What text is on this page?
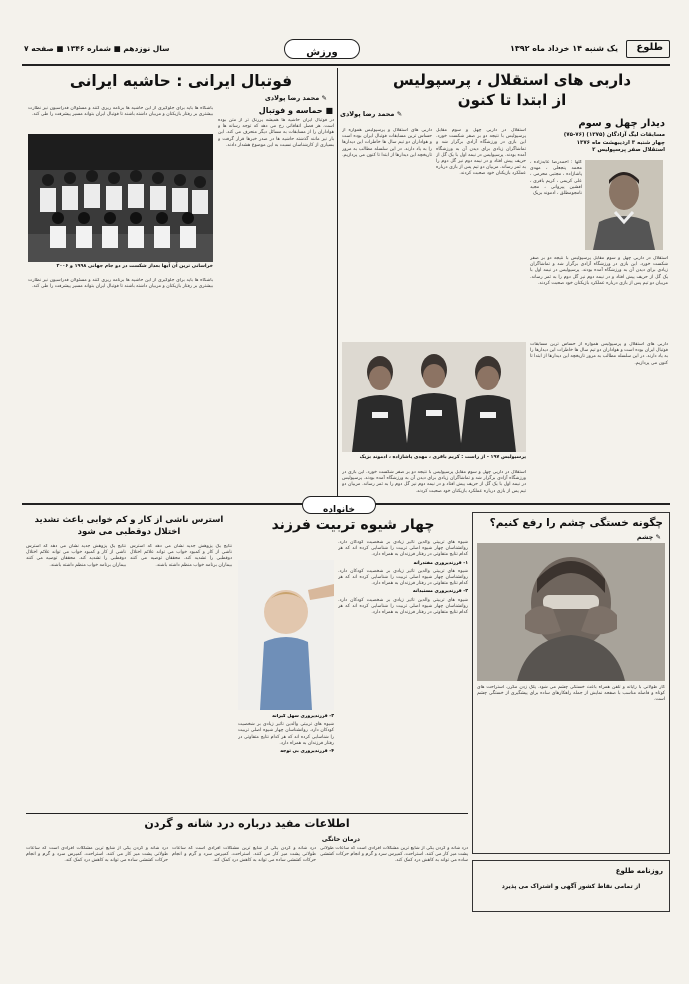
طلوع
یک شنبه ۱۴ خرداد ماه ۱۳۹۲
ورزش
سال نوزدهم ■ شماره ۱۳۴۶ ■ صفحه ۷
داربی های استقلال ، پرسپولیس
از ابتدا تا کنون
✎ محمد رضا پولادی
دیدار چهل و سوم
مسابقات لیگ آزادگان (۱۳۷۵) (۷۶-۷۵)
چهار شنبه ۳ اردیبهشت ماه ۱۳۷۶
استقلال صفر پرسپولیس ۲
گلها : احمدرضا عابدزاده ، محمد پنجعلی ، مهدی پاشازاده ، مجتبی محرمی ، علی کریمی ، کریم باقری ، افشین پیروانی ، مجید نامجومطلق ، ادموند بزیک
استقلال در داربی چهل و سوم مقابل پرسپولیس با نتیجه دو بر صفر شکست خورد. این بازی در ورزشگاه آزادی برگزار شد و تماشاگران زیادی برای دیدن آن به ورزشگاه آمده بودند. پرسپولیس در نیمه اول با یک گل از حریف پیش افتاد و در نیمه دوم نیز گل دوم را به ثمر رساند. مربیان دو تیم پس از بازی درباره عملکرد بازیکنان خود صحبت کردند.
داربی های استقلال و پرسپولیس همواره از حساس ترین مسابقات فوتبال ایران بوده است و هواداران دو تیم سال ها خاطرات این دیدارها را به یاد دارند. در این سلسله مطالب به مرور تاریخچه این دیدارها از ابتدا تا کنون می پردازیم.
استقلال در داربی چهل و سوم مقابل پرسپولیس با نتیجه دو بر صفر شکست خورد. این بازی در ورزشگاه آزادی برگزار شد و تماشاگران زیادی برای دیدن آن به ورزشگاه آمده بودند. پرسپولیس در نیمه اول با یک گل از حریف پیش افتاد و در نیمه دوم نیز گل دوم را به ثمر رساند. مربیان دو تیم پس از بازی درباره عملکرد بازیکنان خود صحبت کردند.
داربی های استقلال و پرسپولیس همواره از حساس ترین مسابقات فوتبال ایران بوده است و هواداران دو تیم سال ها خاطرات این دیدارها را به یاد دارند. در این سلسله مطالب به مرور تاریخچه این دیدارها از ابتدا تا کنون می پردازیم.
پرسپولیس ۱۹۷ - از راست : کریم باقری ، مهدی پاشازاده ، ادموند بزیک
استقلال در داربی چهل و سوم مقابل پرسپولیس با نتیجه دو بر صفر شکست خورد. این بازی در ورزشگاه آزادی برگزار شد و تماشاگران زیادی برای دیدن آن به ورزشگاه آمده بودند. پرسپولیس در نیمه اول با یک گل از حریف پیش افتاد و در نیمه دوم نیز گل دوم را به ثمر رساند. مربیان دو تیم پس از بازی درباره عملکرد بازیکنان خود صحبت کردند.
فوتبال ایرانی : حاشیه ایرانی
✎ محمد رضا پولادی
■ حماسه و فوتبال
باشگاه ها باید برای جلوگیری از این حاشیه ها برنامه ریزی کنند و مسئولان فدراسیون نیز نظارت بیشتری بر رفتار بازیکنان و مربیان داشته باشند تا فوتبال ایران بتواند مسیر پیشرفت را طی کند.
خراسانی ترین آن آیها بعداز شکست در دو جام جهانی ۱۹۹۸ و ۲۰۰۶
در فوتبال ایران حاشیه ها همیشه پررنگ تر از متن بوده است. هر فصل اتفاقاتی رخ می دهد که توجه رسانه ها و هواداران را از مسابقات به مسائل دیگر منحرف می کند. این بار نیز مانند گذشته حاشیه ها در صدر خبرها قرار گرفت و بسیاری از کارشناسان نسبت به این موضوع هشدار دادند.
باشگاه ها باید برای جلوگیری از این حاشیه ها برنامه ریزی کنند و مسئولان فدراسیون نیز نظارت بیشتری بر رفتار بازیکنان و مربیان داشته باشند تا فوتبال ایران بتواند مسیر پیشرفت را طی کند.
خانواده
چگونه خستگی چشم را رفع کنیم؟
✎ چشم
کار طولانی با رایانه و تلفن همراه باعث خستگی چشم می شود. پلک زدن مکرر، استراحت های کوتاه و فاصله مناسب با صفحه نمایش از جمله راهکارهای ساده برای پیشگیری از خستگی چشم است.
روزنامه طلوع
از تمامی نقاط کشور آگهی و اشتراک می پذیرد
چهار شیوه تربیت فرزند

شیوه های تربیتی والدین تاثیر زیادی بر شخصیت کودکان دارد. روانشناسان چهار شیوه اصلی تربیت را شناسایی کرده اند که هر کدام نتایج متفاوتی در رفتار فرزندان به همراه دارد.

۱- فرزندپروری مقتدرانه

شیوه های تربیتی والدین تاثیر زیادی بر شخصیت کودکان دارد. روانشناسان چهار شیوه اصلی تربیت را شناسایی کرده اند که هر کدام نتایج متفاوتی در رفتار فرزندان به همراه دارد.

۲- فرزندپروری مستبدانه

شیوه های تربیتی والدین تاثیر زیادی بر شخصیت کودکان دارد. روانشناسان چهار شیوه اصلی تربیت را شناسایی کرده اند که هر کدام نتایج متفاوتی در رفتار فرزندان به همراه دارد.

۳- فرزندپروری سهل گیرانه

شیوه های تربیتی والدین تاثیر زیادی بر شخصیت کودکان دارد. روانشناسان چهار شیوه اصلی تربیت را شناسایی کرده اند که هر کدام نتایج متفاوتی در رفتار فرزندان به همراه دارد.

۴- فرزندپروری بی توجه

استرس ناشی از کار و کم خوابی باعث تشدید اختلال دوقطبی می شود
نتایج یک پژوهش جدید نشان می دهد که استرس ناشی از کار و کمبود خواب می تواند علائم اختلال دوقطبی را تشدید کند. محققان توصیه می کنند بیماران برنامه خواب منظم داشته باشند.
نتایج یک پژوهش جدید نشان می دهد که استرس ناشی از کار و کمبود خواب می تواند علائم اختلال دوقطبی را تشدید کند. محققان توصیه می کنند بیماران برنامه خواب منظم داشته باشند.
اطلاعات مفید درباره درد شانه و گردن
درمان خانگی
درد شانه و گردن یکی از شایع ترین مشکلات افرادی است که ساعات طولانی پشت میز کار می کنند. استراحت، کمپرس سرد و گرم و انجام حرکات کششی ساده می تواند به کاهش درد کمک کند.
درد شانه و گردن یکی از شایع ترین مشکلات افرادی است که ساعات طولانی پشت میز کار می کنند. استراحت، کمپرس سرد و گرم و انجام حرکات کششی ساده می تواند به کاهش درد کمک کند.
درد شانه و گردن یکی از شایع ترین مشکلات افرادی است که ساعات طولانی پشت میز کار می کنند. استراحت، کمپرس سرد و گرم و انجام حرکات کششی ساده می تواند به کاهش درد کمک کند.
